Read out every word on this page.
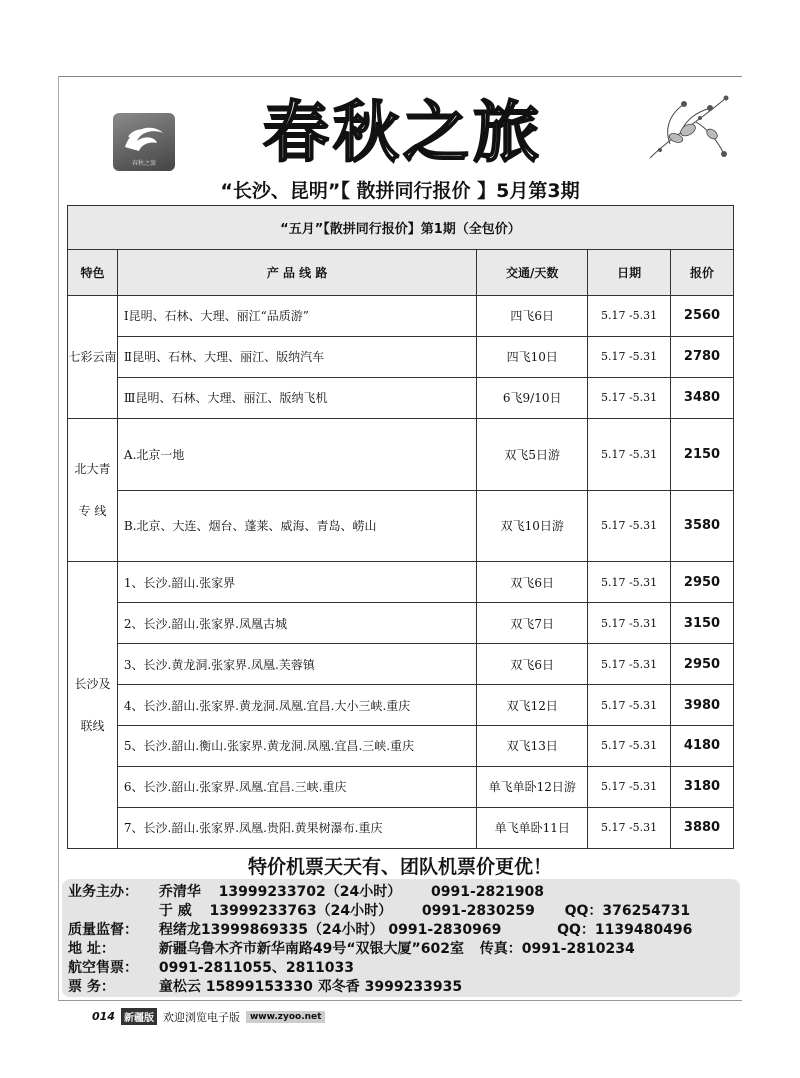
春秋之旅	春秋之旅
“长沙、昆明”【 散拼同行报价 】5月第3期
“五月”【散拼同行报价】第1期（全包价）				
特色	产 品 线 路	交通/天数	日期	报价
七彩云南	Ⅰ昆明、石林、大理、丽江“品质游”	四飞6日	5.17 -5.31	2560
	Ⅱ昆明、石林、大理、丽江、版纳汽车	四飞10日	5.17 -5.31	2780
	Ⅲ昆明、石林、大理、丽江、版纳飞机	6飞9/10日	5.17 -5.31	3480

北大青
专 线	A.北京一地	双飞5日游	5.17 -5.31	2150
	B.北京、大连、烟台、蓬莱、威海、青岛、崂山	双飞10日游	5.17 -5.31	3580

长沙及
联线	1、长沙.韶山.张家界	双飞6日	5.17 -5.31	2950
	2、长沙.韶山.张家界.凤凰古城	双飞7日	5.17 -5.31	3150
	3、长沙.黄龙洞.张家界.凤凰.芙蓉镇	双飞6日	5.17 -5.31	2950
	4、长沙.韶山.张家界.黄龙洞.凤凰.宜昌.大小三峡.重庆	双飞12日	5.17 -5.31	3980
	5、长沙.韶山.衡山.张家界.黄龙洞.凤凰.宜昌.三峡.重庆	双飞13日	5.17 -5.31	4180
	6、长沙.韶山.张家界.凤凰.宜昌.三峡.重庆	单飞单卧12日游	5.17 -5.31	3180
	7、长沙.韶山.张家界.凤凰.贵阳.黄果树瀑布.重庆	单飞单卧11日	5.17 -5.31	3880
特价机票天天有、团队机票价更优！
业务主办： 乔清华 13999233702（24小时） 0991-2821908
于 威 13999233763（24小时） 0991-2830259 QQ：376254731
质量监督： 程绪龙13999869335（24小时） 0991-2830969	QQ：1139480496
地 址：	新疆乌鲁木齐市新华南路49号“双银大厦”602室 传真：0991-2810234
航空售票： 0991-2811055、2811033
票 务：	童松云 15899153330 邓冬香 3999233935
014 新疆版 欢迎浏览电子版	www.zyoo.net
